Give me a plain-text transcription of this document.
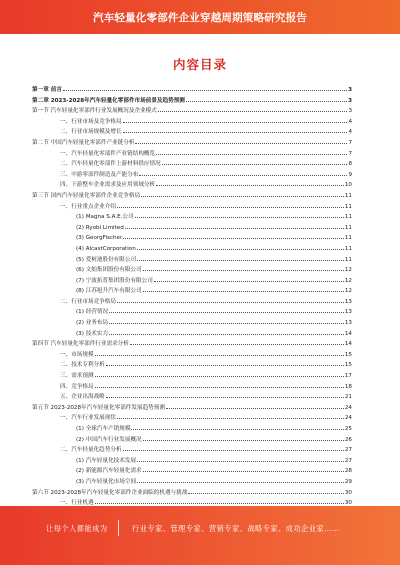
汽车轻量化零部件企业穿越周期策略研究报告
内容目录
第一章 前言	3
第二章 2023-2028年汽车轻量化零部件市场前景及趋势预测	3
第一节 汽车轻量化零部件行业发展概况及企业模式	3
一、行业市场及竞争格局	4
二、行业市场规模及增长	4
第二节 中国汽车轻量化零部件产业链分析	7
一、汽车轻量化零部件产业链结构概览	7
二、汽车轻量化零部件上游材料供应情况	8
三、中游零部件制造及产能分布	9
四、下游整车企业需求及应用领域分析	10
第三节 国内汽车轻量化零部件企业竞争格局	11
一、行业重点企业介绍	11
(1) Magna S.A.E.公司	11
(2) Ryobi Limited	11
(3) GeorgFischer	11
(4) AlcastCorporation	11
(5) 爱柯迪股份有限公司	11
(6) 文灿集团股份有限公司	12
(7) 宁波拓普集团股份有限公司	12
(8) 江苏旭升汽车有限公司	12
二、行业市场竞争格局	13
(1) 经营情况	13
(2) 业务布局	13
(3) 技术实力	14
第四节 汽车轻量化零部件行业需求分析	14
一、市场规模	15
二、技术专利分析	15
三、需求预测	17
四、竞争格局	18
五、企业出海战略	21
第五节 2023-2028年汽车轻量化零部件发展趋势预测	24
一、汽车行业发展现状	24
(1) 全球汽车产销规模	25
(2) 中国汽车行业发展概况	26
二、汽车轻量化趋势分析	27
(1) 汽车轻量化技术发展	27
(2) 新能源汽车轻量化需求	28
(3) 汽车轻量化市场空间	29
第六节 2023-2028年汽车轻量化零部件企业面临的机遇与挑战	30
一、行业机遇	30
让每个人都能成为	行业专家、管理专家、营销专家、战略专家、成功企业家……
